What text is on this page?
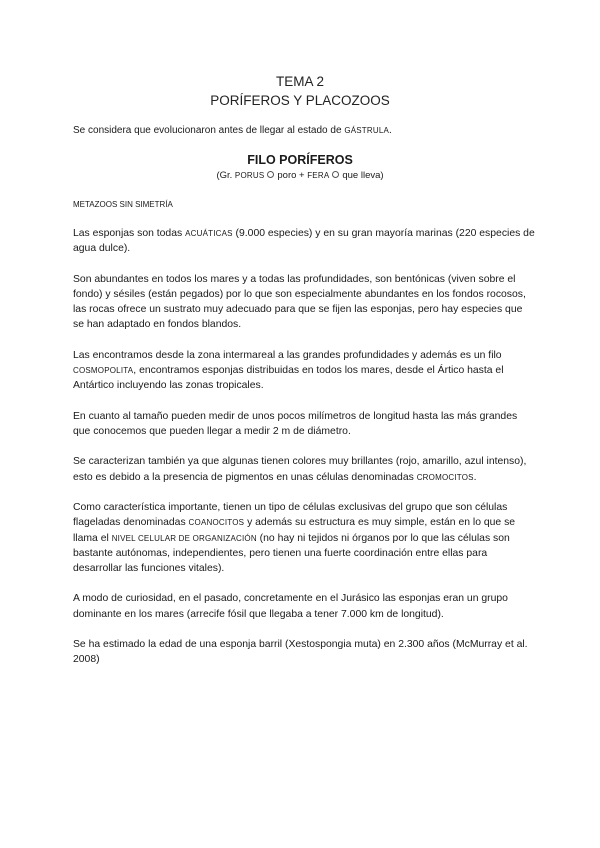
TEMA 2
PORÍFEROS Y PLACOZOOS
Se considera que evolucionaron antes de llegar al estado de GÁSTRULA.
FILO PORÍFEROS
(Gr. PORUS poro + FERA que lleva)
METAZOOS SIN SIMETRÍA

Las esponjas son todas ACUÁTICAS (9.000 especies) y en su gran mayoría marinas (220 especies de agua dulce).

Son abundantes en todos los mares y a todas las profundidades, son bentónicas (viven sobre el fondo) y sésiles (están pegados) por lo que son especialmente abundantes en los fondos rocosos, las rocas ofrece un sustrato muy adecuado para que se fijen las esponjas, pero hay especies que se han adaptado en fondos blandos.

Las encontramos desde la zona intermareal a las grandes profundidades y además es un filo COSMOPOLITA, encontramos esponjas distribuidas en todos los mares, desde el Ártico hasta el Antártico incluyendo las zonas tropicales.

En cuanto al tamaño pueden medir de unos pocos milímetros de longitud hasta las más grandes que conocemos que pueden llegar a medir 2 m de diámetro.

Se caracterizan también ya que algunas tienen colores muy brillantes (rojo, amarillo, azul intenso), esto es debido a la presencia de pigmentos en unas células denominadas CROMOCITOS.

Como característica importante, tienen un tipo de células exclusivas del grupo que son células flageladas denominadas COANOCITOS y además su estructura es muy simple, están en lo que se llama el NIVEL CELULAR DE ORGANIZACIÓN (no hay ni tejidos ni órganos por lo que las células son bastante autónomas, independientes, pero tienen una fuerte coordinación entre ellas para desarrollar las funciones vitales).

A modo de curiosidad, en el pasado, concretamente en el Jurásico las esponjas eran un grupo dominante en los mares (arrecife fósil que llegaba a tener 7.000 km de longitud).

Se ha estimado la edad de una esponja barril (Xestospongia muta) en 2.300 años (McMurray et al. 2008)
